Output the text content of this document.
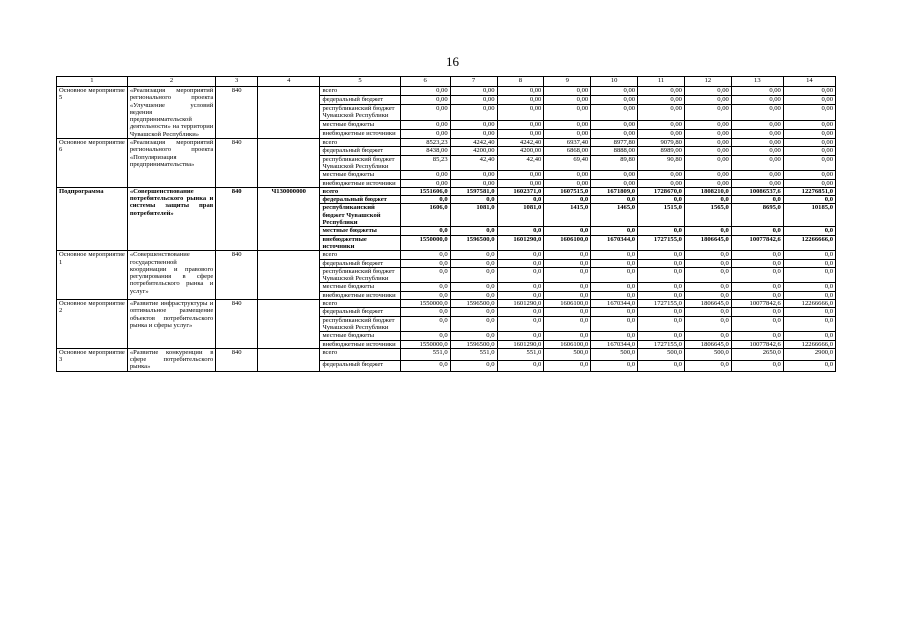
16
1	2	3	4	5	6	7	8	9	10	11	12	13	14
Основное мероприятие 5	«Реализация мероприятий регионального проекта «Улучшение условий ведения предпринимательской деятельности» на территории Чувашской Республики»	840		всего	0,00	0,00	0,00	0,00	0,00	0,00	0,00	0,00	0,00
				федеральный бюджет	0,00	0,00	0,00	0,00	0,00	0,00	0,00	0,00	0,00
				республиканский бюджет Чувашской Республики	0,00	0,00	0,00	0,00	0,00	0,00	0,00	0,00	0,00
				местные бюджеты	0,00	0,00	0,00	0,00	0,00	0,00	0,00	0,00	0,00
				внебюджетные источники	0,00	0,00	0,00	0,00	0,00	0,00	0,00	0,00	0,00
Основное мероприятие 6	«Реализация мероприятий регионального проекта «Популяризация предпринимательства»	840		всего	8523,23	4242,40	4242,40	6937,40	8977,80	9079,80	0,00	0,00	0,00
				федеральный бюджет	8438,00	4200,00	4200,00	6868,00	8888,00	8989,00	0,00	0,00	0,00
				республиканский бюджет Чувашской Республики	85,23	42,40	42,40	69,40	89,80	90,80	0,00	0,00	0,00
				местные бюджеты	0,00	0,00	0,00	0,00	0,00	0,00	0,00	0,00	0,00
				внебюджетные источники	0,00	0,00	0,00	0,00	0,00	0,00	0,00	0,00	0,00
Подпрограмма	«Совершенствование потребительского рынка и системы защиты прав потребителей»	840	Ч130000000	всего	1551606,0	1597581,0	1602371,0	1607515,0	1671809,0	1728670,0	1808210,0	10086537,6	12276851,0
				федеральный бюджет	0,0	0,0	0,0	0,0	0,0	0,0	0,0	0,0	0,0
				республиканский бюджет Чувашской Республики	1606,0	1081,0	1081,0	1415,0	1465,0	1515,0	1565,0	8695,0	10185,0
				местные бюджеты	0,0	0,0	0,0	0,0	0,0	0,0	0,0	0,0	0,0
				внебюджетные источники	1550000,0	1596500,0	1601290,0	1606100,0	1670344,0	1727155,0	1806645,0	10077842,6	12266666,0
Основное мероприятие 1	«Совершенствование государственной координации и правового регулирования в сфере потребительского рынка и услуг»	840		всего	0,0	0,0	0,0	0,0	0,0	0,0	0,0	0,0	0,0
				федеральный бюджет	0,0	0,0	0,0	0,0	0,0	0,0	0,0	0,0	0,0
				республиканский бюджет Чувашской Республики	0,0	0,0	0,0	0,0	0,0	0,0	0,0	0,0	0,0
				местные бюджеты	0,0	0,0	0,0	0,0	0,0	0,0	0,0	0,0	0,0
				внебюджетные источники	0,0	0,0	0,0	0,0	0,0	0,0	0,0	0,0	0,0
Основное мероприятие 2	«Развитие инфраструктуры и оптимальное размещение объектов потребительского рынка и сферы услуг»	840		всего	1550000,0	1596500,0	1601290,0	1606100,0	1670344,0	1727155,0	1806645,0	10077842,6	12266666,0
				федеральный бюджет	0,0	0,0	0,0	0,0	0,0	0,0	0,0	0,0	0,0
				республиканский бюджет Чувашской Республики	0,0	0,0	0,0	0,0	0,0	0,0	0,0	0,0	0,0
				местные бюджеты	0,0	0,0	0,0	0,0	0,0	0,0	0,0	0,0	0,0
				внебюджетные источники	1550000,0	1596500,0	1601290,0	1606100,0	1670344,0	1727155,0	1806645,0	10077842,6	12266666,0
Основное мероприятие 3	«Развитие конкуренции в сфере потребительского рынка»	840		всего	551,0	551,0	551,0	500,0	500,0	500,0	500,0	2650,0	2900,0
				федеральный бюджет	0,0	0,0	0,0	0,0	0,0	0,0	0,0	0,0	0,0
